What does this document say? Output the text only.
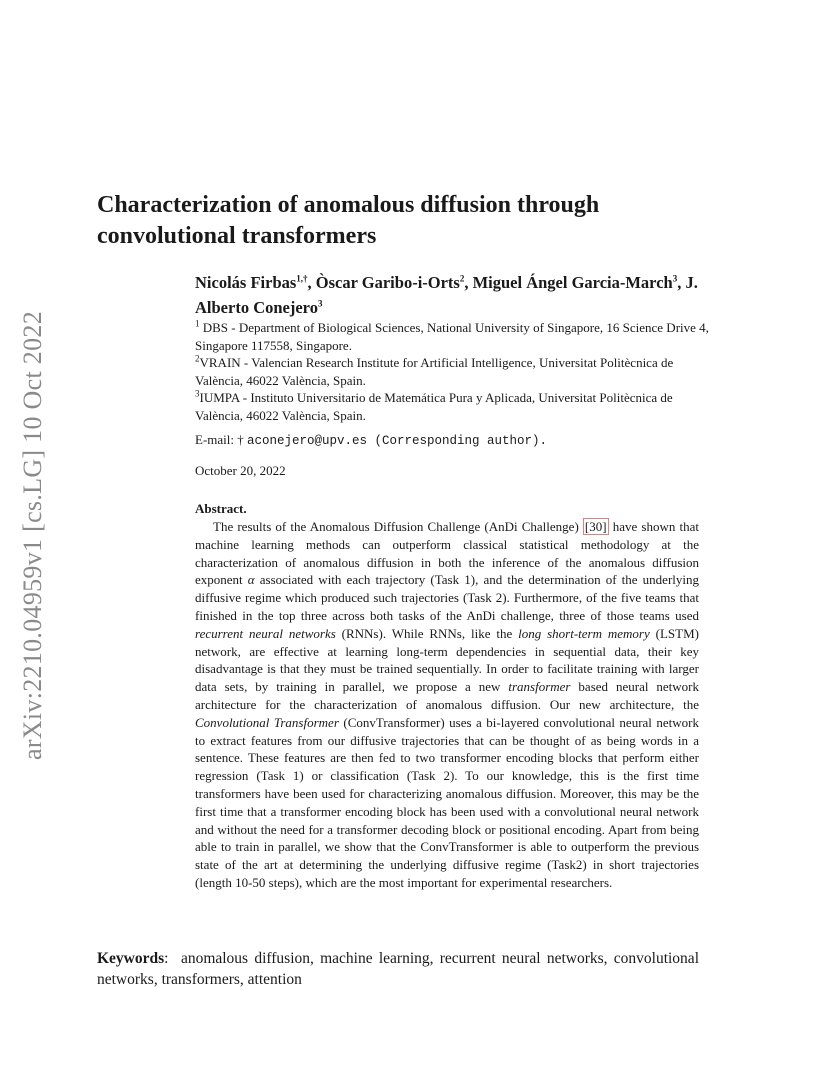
arXiv:2210.04959v1 [cs.LG] 10 Oct 2022
Characterization of anomalous diffusion through
convolutional transformers
Nicolás Firbas$^{1,\dagger}$, Òscar Garibo-i-Orts$^2$, Miguel Ángel Garcia-March$^3$, J. Alberto Conejero$^3$
$^1$ DBS - Department of Biological Sciences, National University of Singapore, 16 Science Drive 4, Singapore 117558, Singapore.
$^2$VRAIN - Valencian Research Institute for Artificial Intelligence, Universitat Politècnica de València, 46022 València, Spain.
$^3$IUMPA - Instituto Universitario de Matemática Pura y Aplicada, Universitat Politècnica de València, 46022 València, Spain.
E-mail: † aconejero@upv.es (Corresponding author).
October 20, 2022
Abstract.

The results of the Anomalous Diffusion Challenge (AnDi Challenge) [30] have shown that machine learning methods can outperform classical statistical methodology at the characterization of anomalous diffusion in both the inference of the anomalous diffusion exponent α associated with each trajectory (Task 1), and the determination of the underlying diffusive regime which produced such trajectories (Task 2). Furthermore, of the five teams that finished in the top three across both tasks of the AnDi challenge, three of those teams used recurrent neural networks (RNNs). While RNNs, like the long short-term memory (LSTM) network, are effective at learning long-term dependencies in sequential data, their key disadvantage is that they must be trained sequentially. In order to facilitate training with larger data sets, by training in parallel, we propose a new transformer based neural network architecture for the characterization of anomalous diffusion. Our new architecture, the Convolutional Transformer (ConvTransformer) uses a bi-layered convolutional neural network to extract features from our diffusive trajectories that can be thought of as being words in a sentence. These features are then fed to two transformer encoding blocks that perform either regression (Task 1) or classification (Task 2). To our knowledge, this is the first time transformers have been used for characterizing anomalous diffusion. Moreover, this may be the first time that a transformer encoding block has been used with a convolutional neural network and without the need for a transformer decoding block or positional encoding. Apart from being able to train in parallel, we show that the ConvTransformer is able to outperform the previous state of the art at determining the underlying diffusive regime (Task2) in short trajectories (length 10-50 steps), which are the most important for experimental researchers.

Keywords:  anomalous diffusion, machine learning, recurrent neural networks, convolutional networks, transformers, attention
